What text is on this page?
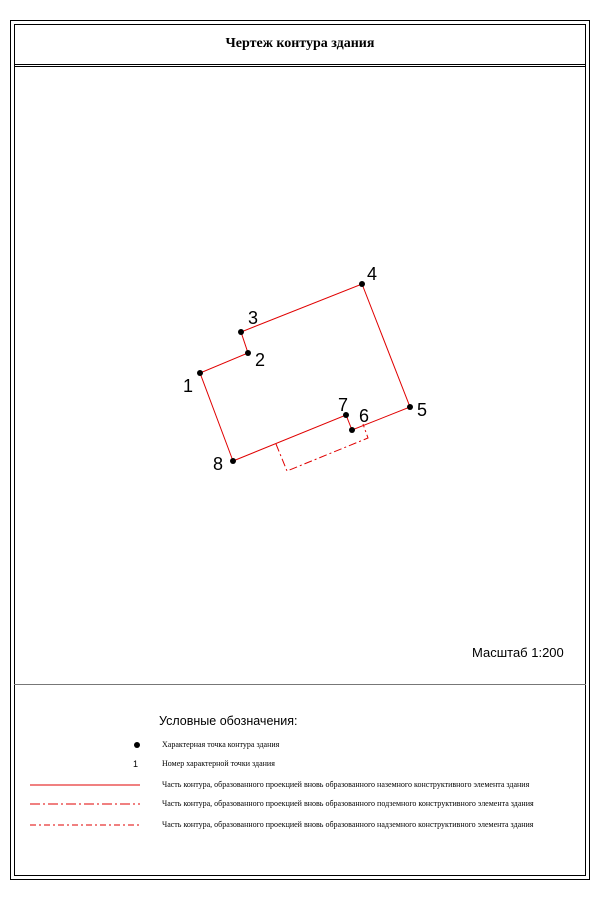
Чертеж контура здания
1
2
3
4
5
6
7
8
Масштаб 1:200
Условные обозначения:
Характерная точка контура здания
1	Номер характерной точки здания
Часть контура, образованного проекцией вновь образованного наземного конструктивного элемента здания
Часть контура, образованного проекцией вновь образованного подземного конструктивного элемента здания
Часть контура, образованного проекцией вновь образованного надземного конструктивного элемента здания
